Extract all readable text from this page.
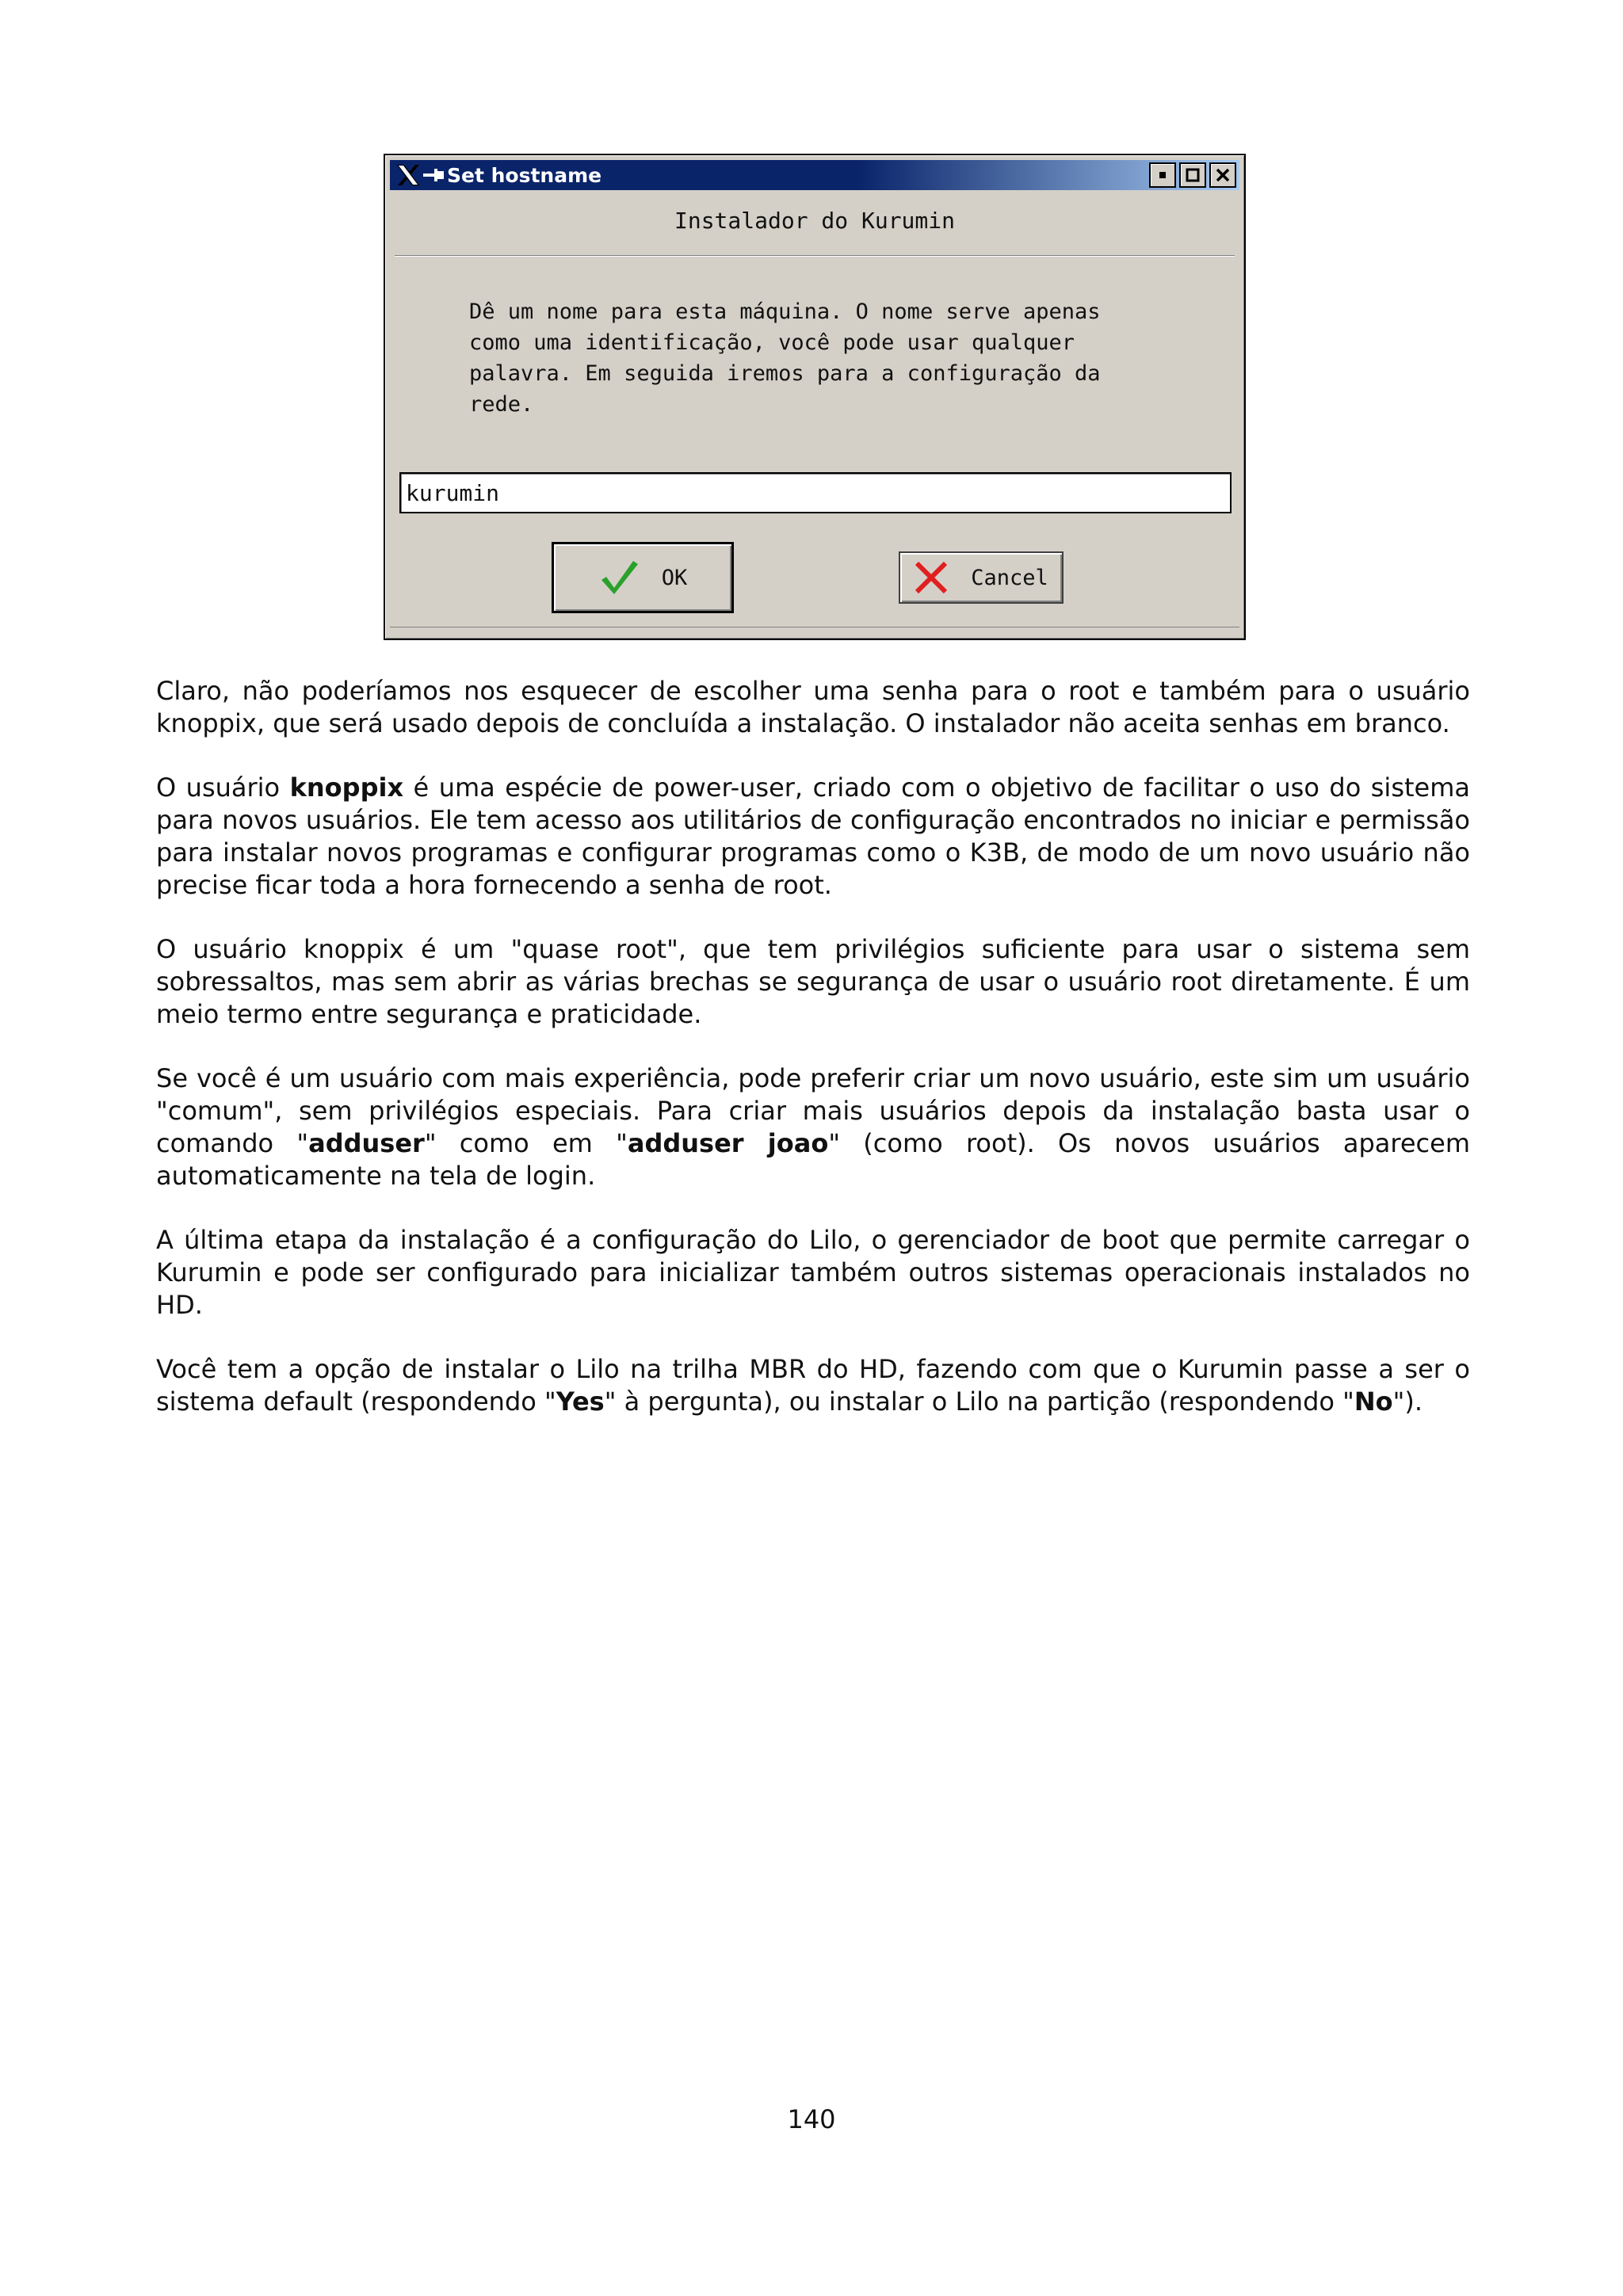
Set hostname
Instalador do Kurumin
Dê um nome para esta máquina. O nome serve apenas
como uma identificação, você pode usar qualquer
palavra. Em seguida iremos para a configuração da
rede.
kurumin
OK	Cancel

Claro, não poderíamos nos esquecer de escolher uma senha para o root e também para o usuário knoppix, que será usado depois de concluída a instalação. O instalador não aceita senhas em branco.

O usuário knoppix é uma espécie de power-user, criado com o objetivo de facilitar o uso do sistema para novos usuários. Ele tem acesso aos utilitários de configuração encontrados no iniciar e permissão para instalar novos programas e configurar programas como o K3B, de modo de um novo usuário não precise ficar toda a hora fornecendo a senha de root.

O usuário knoppix é um "quase root", que tem privilégios suficiente para usar o sistema sem sobressaltos, mas sem abrir as várias brechas se segurança de usar o usuário root diretamente. É um meio termo entre segurança e praticidade.

Se você é um usuário com mais experiência, pode preferir criar um novo usuário, este sim um usuário "comum", sem privilégios especiais. Para criar mais usuários depois da instalação basta usar o comando "adduser" como em "adduser joao" (como root). Os novos usuários aparecem automaticamente na tela de login.

A última etapa da instalação é a configuração do Lilo, o gerenciador de boot que permite carregar o Kurumin e pode ser configurado para inicializar também outros sistemas operacionais instalados no HD.

Você tem a opção de instalar o Lilo na trilha MBR do HD, fazendo com que o Kurumin passe a ser o sistema default (respondendo "Yes" à pergunta), ou instalar o Lilo na partição (respondendo "No").

140
